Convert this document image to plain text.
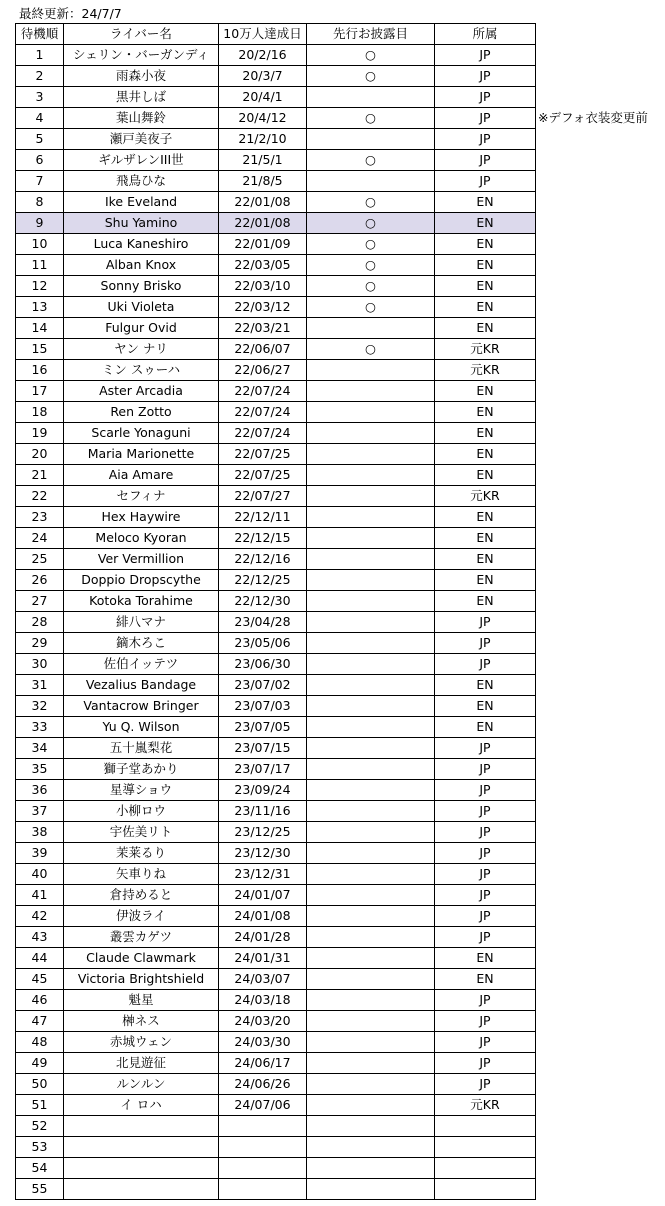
最終更新：24/7/7
待機順	ライバー名	10万人達成日	先行お披露目	所属
1	シェリン・バーガンディ	20/2/16	○	JP
2	雨森小夜	20/3/7	○	JP
3	黒井しば	20/4/1		JP
4	葉山舞鈴	20/4/12	○	JP
5	瀬戸美夜子	21/2/10		JP
6	ギルザレンIII世	21/5/1	○	JP
7	飛鳥ひな	21/8/5		JP
8	Ike Eveland	22/01/08	○	EN
9	Shu Yamino	22/01/08	○	EN
10	Luca Kaneshiro	22/01/09	○	EN
11	Alban Knox	22/03/05	○	EN
12	Sonny Brisko	22/03/10	○	EN
13	Uki Violeta	22/03/12	○	EN
14	Fulgur Ovid	22/03/21		EN
15	ヤン ナリ	22/06/07	○	元KR
16	ミン スゥーハ	22/06/27		元KR
17	Aster Arcadia	22/07/24		EN
18	Ren Zotto	22/07/24		EN
19	Scarle Yonaguni	22/07/24		EN
20	Maria Marionette	22/07/25		EN
21	Aia Amare	22/07/25		EN
22	セフィナ	22/07/27		元KR
23	Hex Haywire	22/12/11		EN
24	Meloco Kyoran	22/12/15		EN
25	Ver Vermillion	22/12/16		EN
26	Doppio Dropscythe	22/12/25		EN
27	Kotoka Torahime	22/12/30		EN
28	緋八マナ	23/04/28		JP
29	鏑木ろこ	23/05/06		JP
30	佐伯イッテツ	23/06/30		JP
31	Vezalius Bandage	23/07/02		EN
32	Vantacrow Bringer	23/07/03		EN
33	Yu Q. Wilson	23/07/05		EN
34	五十嵐梨花	23/07/15		JP
35	獅子堂あかり	23/07/17		JP
36	星導ショウ	23/09/24		JP
37	小柳ロウ	23/11/16		JP
38	宇佐美リト	23/12/25		JP
39	茉莱るり	23/12/30		JP
40	矢車りね	23/12/31		JP
41	倉持めると	24/01/07		JP
42	伊波ライ	24/01/08		JP
43	叢雲カゲツ	24/01/28		JP
44	Claude Clawmark	24/01/31		EN
45	Victoria Brightshield	24/03/07		EN
46	魁星	24/03/18		JP
47	榊ネス	24/03/20		JP
48	赤城ウェン	24/03/30		JP
49	北見遊征	24/06/17		JP
50	ルンルン	24/06/26		JP
51	イ ロハ	24/07/06		元KR
52				
53				
54				
55				
※デフォ衣装変更前
